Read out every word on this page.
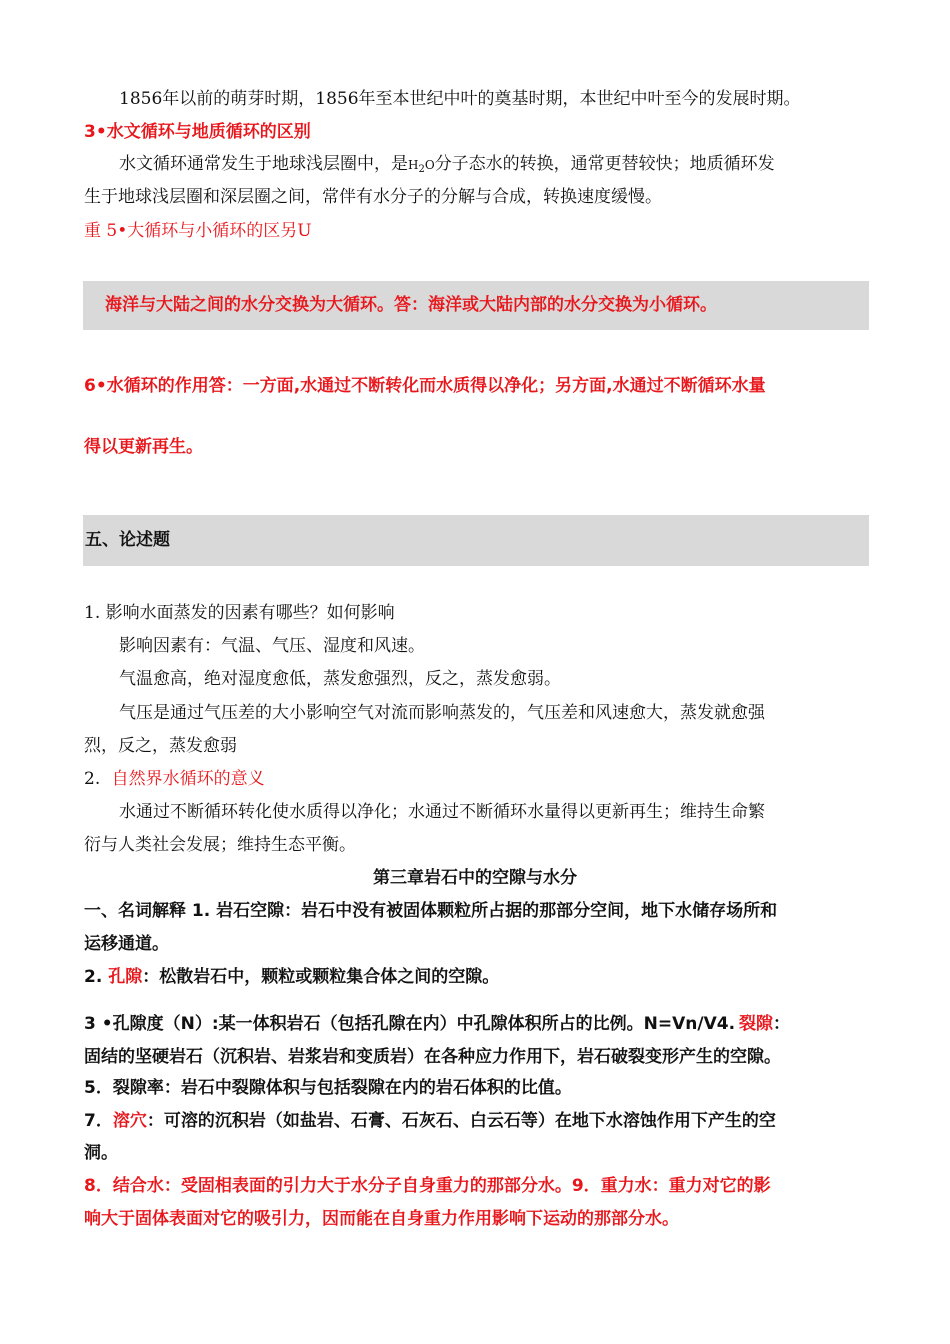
1856年以前的萌芽时期，1856年至本世纪中叶的奠基时期，本世纪中叶至今的发展时期。
3•水文循环与地质循环的区别
水文循环通常发生于地球浅层圈中，是$H_2O$分子态水的转换，通常更替较快；地质循环发
生于地球浅层圈和深层圈之间，常伴有水分子的分解与合成，转换速度缓慢。
重 5•大循环与小循环的区另U
海洋与大陆之间的水分交换为大循环。答：海洋或大陆内部的水分交换为小循环。
6•水循环的作用答：一方面,水通过不断转化而水质得以净化；另方面,水通过不断循环水量
得以更新再生。
五、论述题
1. 影响水面蒸发的因素有哪些？如何影响
影响因素有：气温、气压、湿度和风速。
气温愈高，绝对湿度愈低，蒸发愈强烈，反之，蒸发愈弱。
气压是通过气压差的大小影响空气对流而影响蒸发的，气压差和风速愈大，蒸发就愈强
烈，反之，蒸发愈弱
2. 自然界水循环的意义
水通过不断循环转化使水质得以净化；水通过不断循环水量得以更新再生；维持生命繁
衍与人类社会发展；维持生态平衡。
第三章岩石中的空隙与水分
一、名词解释 1. 岩石空隙：岩石中没有被固体颗粒所占据的那部分空间，地下水储存场所和
运移通道。
2. 孔隙：松散岩石中，颗粒或颗粒集合体之间的空隙。
3 •孔隙度（N）:某一体积岩石（包括孔隙在内）中孔隙体积所占的比例。N=Vn/V4. 裂隙：
固结的坚硬岩石（沉积岩、岩浆岩和变质岩）在各种应力作用下，岩石破裂变形产生的空隙。
5．裂隙率：岩石中裂隙体积与包括裂隙在内的岩石体积的比值。
7．溶穴：可溶的沉积岩（如盐岩、石膏、石灰石、白云石等）在地下水溶蚀作用下产生的空
洞。
8．结合水：受固相表面的引力大于水分子自身重力的那部分水。9．重力水：重力对它的影
响大于固体表面对它的吸引力，因而能在自身重力作用影响下运动的那部分水。
